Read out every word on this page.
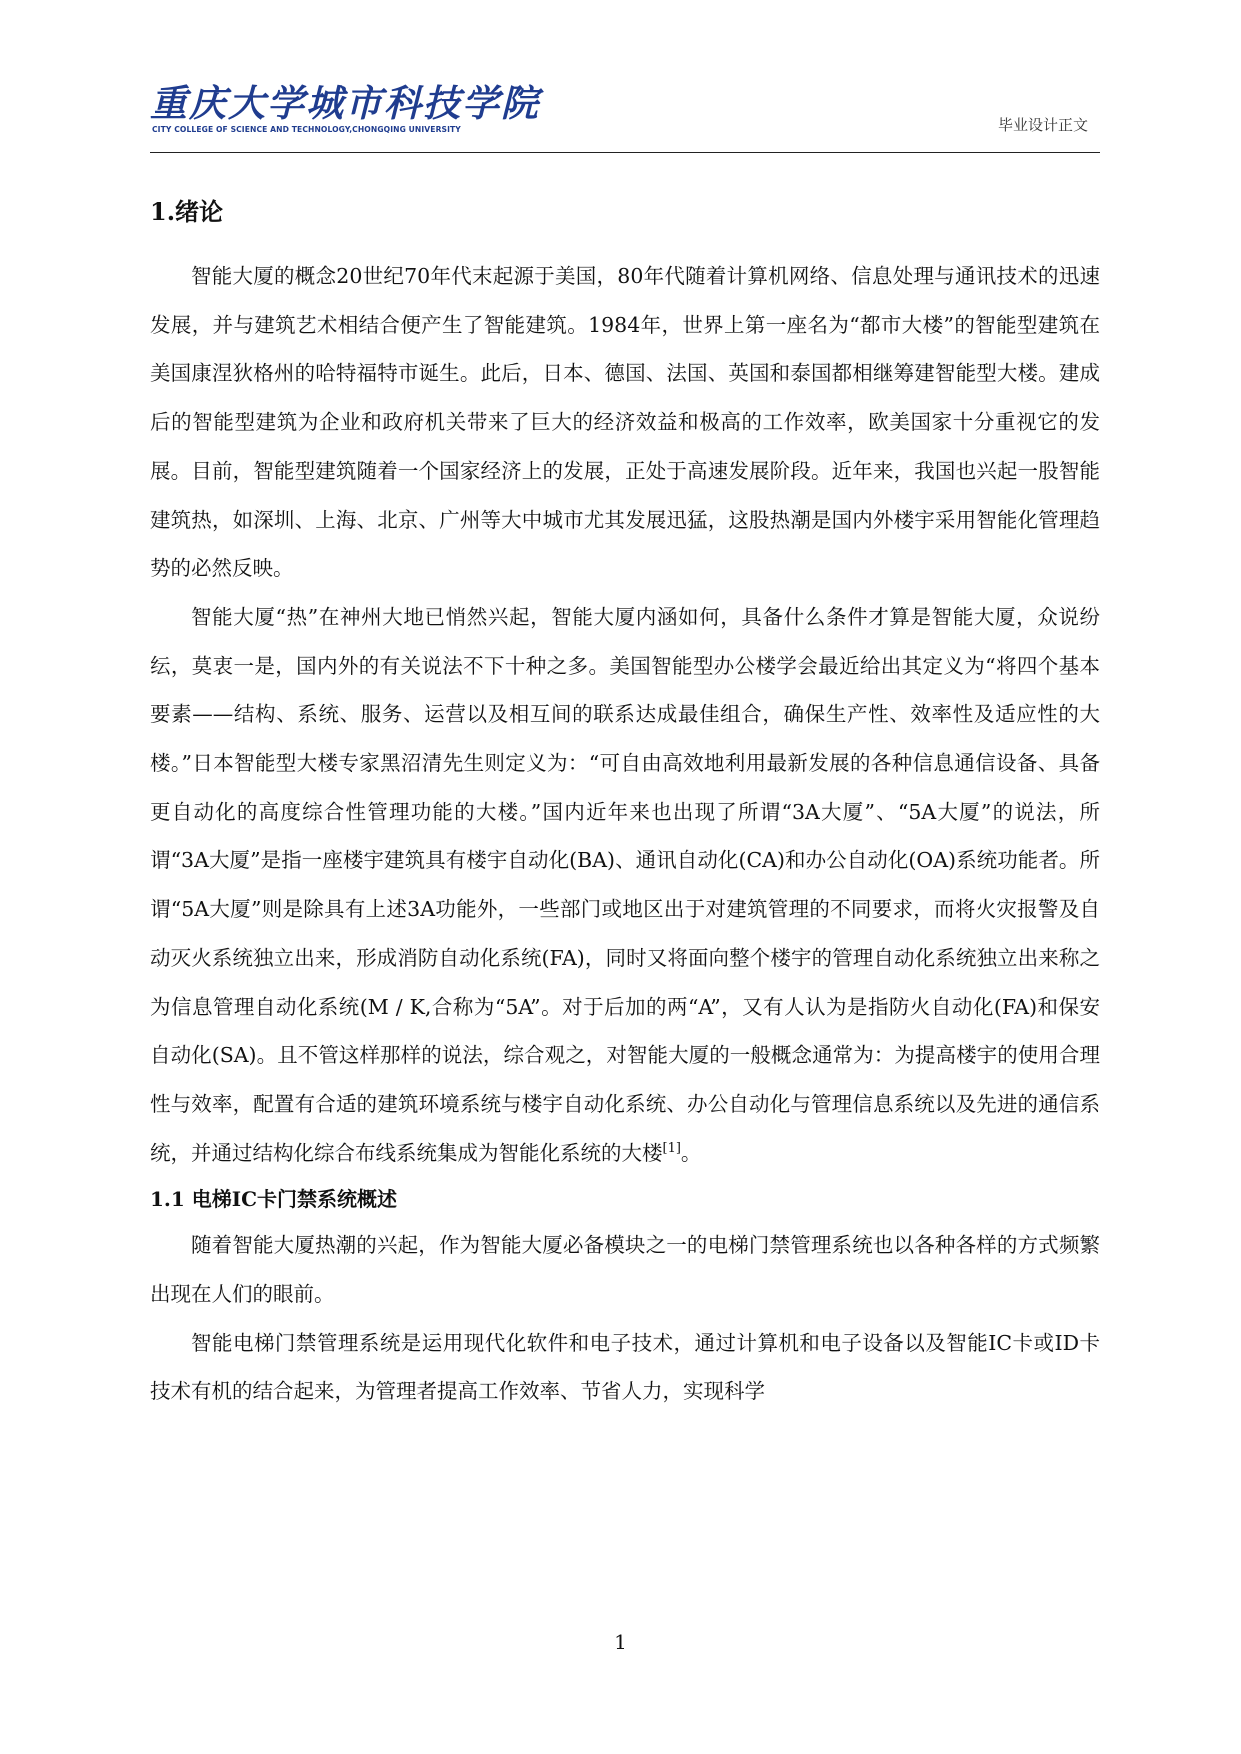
重庆大学城市科技学院
CITY COLLEGE OF SCIENCE AND TECHNOLOGY,CHONGQING UNIVERSITY	毕业设计正文
1.绪论

智能大厦的概念20世纪70年代末起源于美国，80年代随着计算机网络、信息处理与通讯技术的迅速发展，并与建筑艺术相结合便产生了智能建筑。1984年，世界上第一座名为“都市大楼”的智能型建筑在美国康涅狄格州的哈特福特市诞生。此后，日本、德国、法国、英国和泰国都相继筹建智能型大楼。建成后的智能型建筑为企业和政府机关带来了巨大的经济效益和极高的工作效率，欧美国家十分重视它的发展。目前，智能型建筑随着一个国家经济上的发展，正处于高速发展阶段。近年来，我国也兴起一股智能建筑热，如深圳、上海、北京、广州等大中城市尤其发展迅猛，这股热潮是国内外楼宇采用智能化管理趋势的必然反映。

智能大厦“热”在神州大地已悄然兴起，智能大厦内涵如何，具备什么条件才算是智能大厦，众说纷纭，莫衷一是，国内外的有关说法不下十种之多。美国智能型办公楼学会最近给出其定义为“将四个基本要素——结构、系统、服务、运营以及相互间的联系达成最佳组合，确保生产性、效率性及适应性的大楼。”日本智能型大楼专家黑沼清先生则定义为：“可自由高效地利用最新发展的各种信息通信设备、具备更自动化的高度综合性管理功能的大楼。”国内近年来也出现了所谓“3A大厦”、“5A大厦”的说法，所谓“3A大厦”是指一座楼宇建筑具有楼宇自动化(BA)、通讯自动化(CA)和办公自动化(OA)系统功能者。所谓“5A大厦”则是除具有上述3A功能外，一些部门或地区出于对建筑管理的不同要求，而将火灾报警及自动灭火系统独立出来，形成消防自动化系统(FA)，同时又将面向整个楼宇的管理自动化系统独立出来称之为信息管理自动化系统(M / K,合称为“5A”。对于后加的两“A”，又有人认为是指防火自动化(FA)和保安自动化(SA)。且不管这样那样的说法，综合观之，对智能大厦的一般概念通常为：为提高楼宇的使用合理性与效率，配置有合适的建筑环境系统与楼宇自动化系统、办公自动化与管理信息系统以及先进的通信系统，并通过结构化综合布线系统集成为智能化系统的大楼[1]。

1.1 电梯IC卡门禁系统概述

随着智能大厦热潮的兴起，作为智能大厦必备模块之一的电梯门禁管理系统也以各种各样的方式频繁出现在人们的眼前。

智能电梯门禁管理系统是运用现代化软件和电子技术，通过计算机和电子设备以及智能IC卡或ID卡技术有机的结合起来，为管理者提高工作效率、节省人力，实现科学

1
